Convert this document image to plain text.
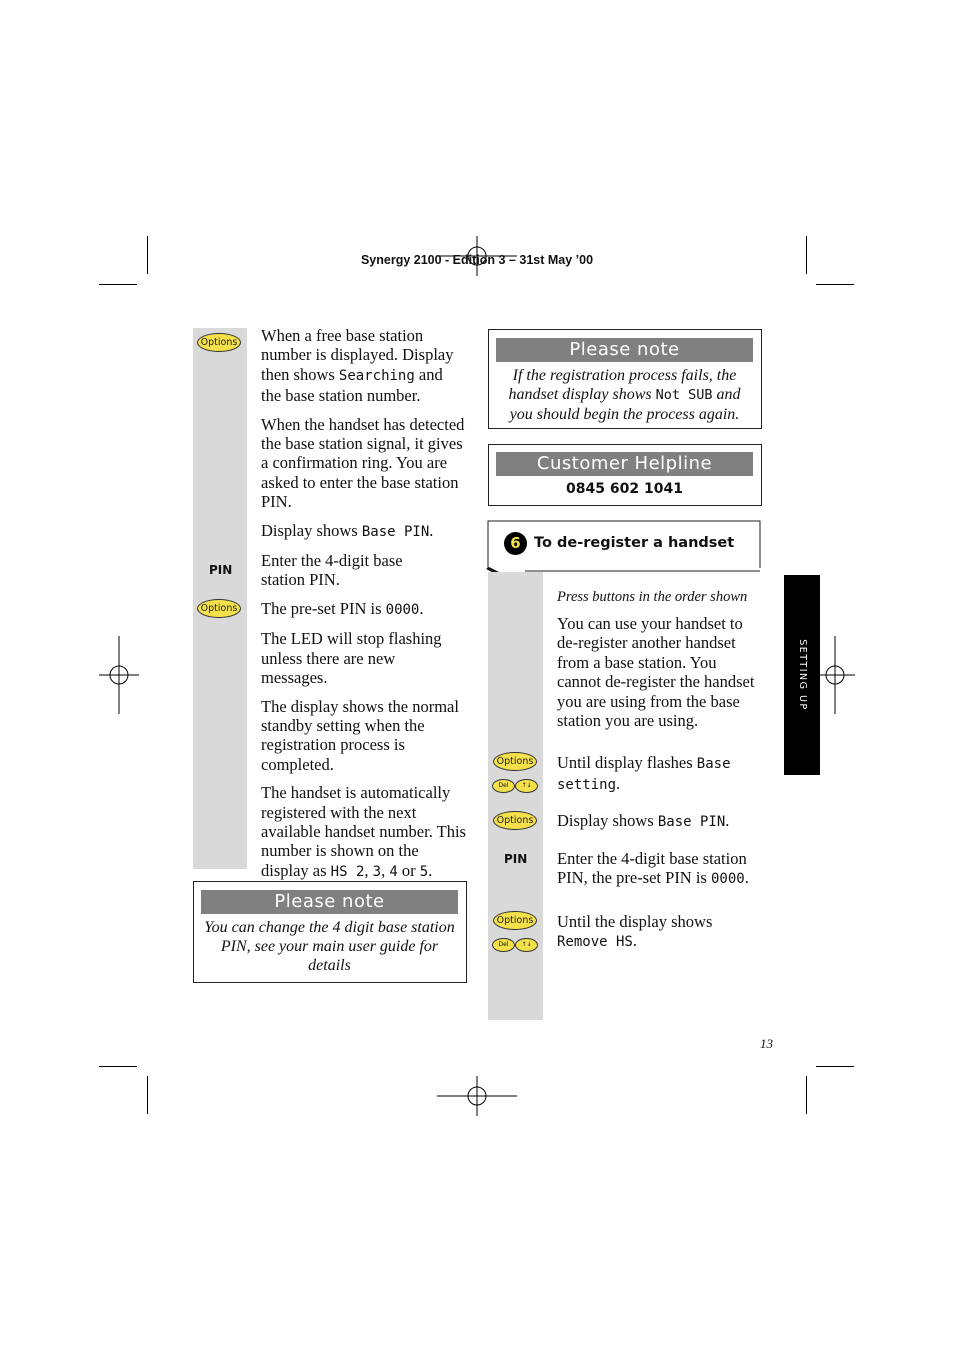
Synergy 2100 - Edition 3 – 31st May ’00
Options
PIN
Options

When a free base station number is displayed. Display then shows Searching and the base station number.

When the handset has detected the base station signal, it gives a confirmation ring. You are asked to enter the base station PIN.

Display shows Base PIN.

Enter the 4-digit base station PIN.

The pre-set PIN is 0000.

The LED will stop flashing unless there are new messages.

The display shows the normal standby setting when the registration process is completed.

The handset is automatically registered with the next available handset number. This number is shown on the display as HS 2, 3, 4 or 5.

Please note
You can change the 4 digit base station PIN, see your main user guide for details
Please note
If the registration process fails, the handset display shows Not SUB and you should begin the process again.
Customer Helpline
0845 602 1041
6 To de-register a handset
Press buttons in the order shown
You can use your handset to de-register another handset from a base station. You cannot de-register the handset you are using from the base station you are using.
Options
Del	↑↓
Options
PIN
Options
Del	↑↓
Until display flashes Base setting.
Display shows Base PIN.
Enter the 4-digit base station PIN, the pre-set PIN is 0000.
Until the display shows Remove HS.
SETTING UP
13
